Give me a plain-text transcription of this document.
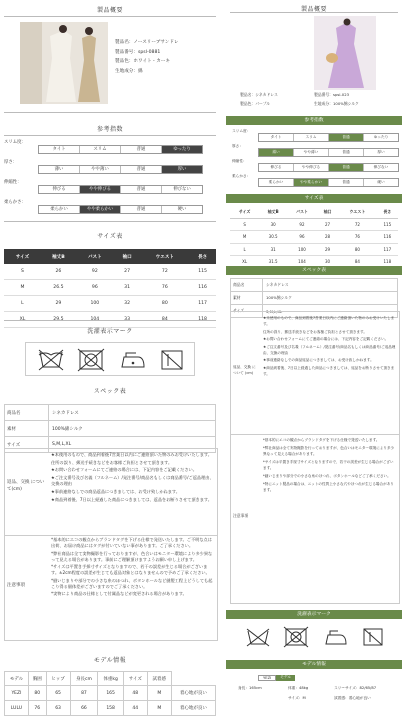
製品概要
製品名：ノースリーブサンドレ
製品番号：spsl-0881
製品色：ホワイト・カーキ
生地成分：綿
参考指数
スリム度：
タイト	スリム	普通	ゆったり
厚さ：
薄い	やや薄い	普通	厚い
伸縮性：
伸びる	やや伸びる	普通	伸びない
柔らかさ：
柔らかい	やや柔らかい	普通	硬い
サイズ表
サイズ	袖丈B	バスト	袖口	ウエスト	長さ
S	26	92	27	72	115
M	26.5	96	31	76	116
L	29	100	32	80	117
XL	29.5	104	33	84	118
洗濯表示マーク
スペック表
商品名	シネカドレス
素材	100%綿シルク
サイズ	S,M,L,XL
返品、交換 について(cm)
★本使用のもので、商品到着後7営業日以内にご連絡頂いた物のみお受けいたします。
住所の誤り、郵送手続きなどをお客様ご負担とさせて頂きます。
★お問い合わせフォームにてご連絡の場合には、下記内容をご記載ください。
★ご注文番号及び名義（フルネーム）/発注番号/商品名もしくは商品番号/ご返品理由、交換の理由
★事前連絡なしでの商品返品につきましては、お受け致しかねます。
★商品到着後、7日以上経過した商品につきましては、返品をお断りさせて頂きます。
注意事項
*基本的にエコの観点からブランドタグを下げる仕様で発送いたします。ご不明な点は出荷、お届け商品にはタグが付いていない事があります。ご了承ください。
*弊社商品は全て実物撮影を行っておりますが、色合いはモニター環境により多少異なって見える場合があります。事前にご理解頂けますようお願い申し上げます。
*サイズは平置き手採寸サイズとなりますので、若干の誤差が生じる場合がございます。±2cm程度の誤差が生じても返品対象とはなりませんので予めご了承ください。
*縫いじまりや部分での小さな糸のほつれ、ボタンホールなど縫製工程上どうしても起こり得る個体差がございますのでご了承ください。
*実物により商品の仕様として付属品などが変更される場合があります。
モデル情報
モデル	胸囲	ヒップ	身長cm	体重kg	サイズ	試着感	
YEZI	80	65	87	165	48	M	着心地が良い
LULU	76	63	66	158	44	M	着心地が良い
製品概要
製品名：シネカドレス	製品番号：spsl-023
製品色：パープル	生地成分：100%綿シルク
参考指数
スリム度：
タイト	スリム	普通	ゆったり
厚さ：
薄い	やや薄い	普通	厚い
伸縮性：
伸びる	やや伸びる	普通	伸びない
柔らかさ：
柔らかい	やや柔らかい	普通	硬い
サイズ表
サイズ	袖丈B	バスト	袖口	ウエスト	長さ
S	30	92	27	72	115
M	30.5	96	28	76	116
L	31	100	29	80	117
XL	31.5	104	30	84	118
スペック表
商品名	シネカドレス
素材	100%綿シルク
サイズ	S,M,L,XL
返品、交換 について (cm)
★未使用のもので、商品到着後7営業日以内にご連絡頂いた物のみお受けいたします。
住所の誤り、郵送手続きなどをお客様ご負担とさせて頂きます。
★お問い合わせフォームにてご連絡の場合には、下記内容をご記載ください。
★ご注文番号及び名義（フルネーム）/発注番号/商品名もしくは商品番号/ご返品理由、交換の理由
★事前連絡なしでの商品返品につきましては、お受け致しかねます。
★商品到着後、7日以上経過した商品につきましては、返品をお断りさせて頂きます。
注意事項
*基本的にエコの観点からブランドタグを下げる仕様で発送いたします。
*弊社商品は全て実物撮影を行っておりますが、色合いはモニター環境により多少異なって見える場合があります。
*サイズは平置き手採寸サイズとなりますので、若干の誤差が生じる場合がございます。
*縫いじまりや部分での小さな糸のほつれ、ボタンホールなどご了承ください。
*特にニット製品の場合は、ニットの性質上小さな穴やほつれが生じる場合があります。
洗濯表示マーク
モデル情報
YEZI	モデル
身長：165cm	体重：48kg	スリーサイズ：82/65/87
サイズ：M	試着感：着心地が良い
